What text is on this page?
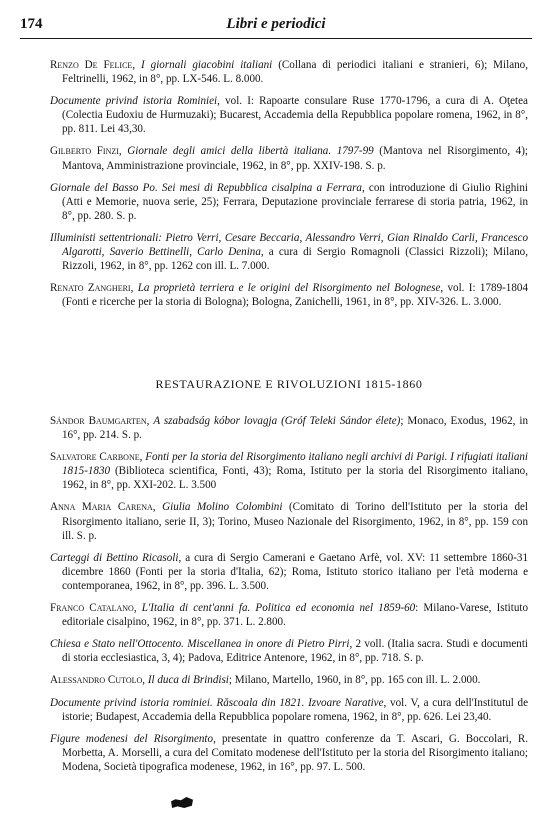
174	Libri e periodici

Renzo De Felice, I giornali giacobini italiani (Collana di periodici italiani e stranieri, 6); Milano, Feltrinelli, 1962, in 8°, pp. LX-546. L. 8.000.

Documente privind istoria Rominiei, vol. I: Rapoarte consulare Ruse 1770-1796, a cura di A. Oţetea (Colectia Eudoxiu de Hurmuzaki); Bucarest, Accademia della Repubblica popolare romena, 1962, in 8°, pp. 811. Lei 43,30.

Gilberto Finzi, Giornale degli amici della libertà italiana. 1797-99 (Mantova nel Risorgimento, 4); Mantova, Amministrazione provinciale, 1962, in 8°, pp. XXIV-198. S. p.

Giornale del Basso Po. Sei mesi di Repubblica cisalpina a Ferrara, con introduzione di Giulio Righini (Atti e Memorie, nuova serie, 25); Ferrara, Deputazione provinciale ferrarese di storia patria, 1962, in 8°, pp. 280. S. p.

Illuministi settentrionali: Pietro Verri, Cesare Beccaria, Alessandro Verri, Gian Rinaldo Carli, Francesco Algarotti, Saverio Bettinelli, Carlo Denina, a cura di Sergio Romagnoli (Classici Rizzoli); Milano, Rizzoli, 1962, in 8°, pp. 1262 con ill. L. 7.000.

Renato Zangheri, La proprietà terriera e le origini del Risorgimento nel Bolognese, vol. I: 1789-1804 (Fonti e ricerche per la storia di Bologna); Bologna, Zanichelli, 1961, in 8°, pp. XIV-326. L. 3.000.

RESTAURAZIONE E RIVOLUZIONI 1815-1860

Sándor Baumgarten, A szabadság kóbor lovagja (Gróf Teleki Sándor élete); Monaco, Exodus, 1962, in 16°, pp. 214. S. p.

Salvatore Carbone, Fonti per la storia del Risorgimento italiano negli archivi di Parigi. I rifugiati italiani 1815-1830 (Biblioteca scientifica, Fonti, 43); Roma, Istituto per la storia del Risorgimento italiano, 1962, in 8°, pp. XXI-202. L. 3.500

Anna Maria Carena, Giulia Molino Colombini (Comitato di Torino dell'Istituto per la storia del Risorgimento italiano, serie II, 3); Torino, Museo Nazionale del Risorgimento, 1962, in 8°, pp. 159 con ill. S. p.

Carteggi di Bettino Ricasoli, a cura di Sergio Camerani e Gaetano Arfè, vol. XV: 11 settembre 1860-31 dicembre 1860 (Fonti per la storia d'Italia, 62); Roma, Istituto storico italiano per l'età moderna e contemporanea, 1962, in 8°, pp. 396. L. 3.500.

Franco Catalano, L'Italia di cent'anni fa. Politica ed economia nel 1859-60: Milano-Varese, Istituto editoriale cisalpino, 1962, in 8°, pp. 371. L. 2.800.

Chiesa e Stato nell'Ottocento. Miscellanea in onore di Pietro Pirri, 2 voll. (Italia sacra. Studi e documenti di storia ecclesiastica, 3, 4); Padova, Editrice Antenore, 1962, in 8°, pp. 718. S. p.

Alessandro Cutolo, Il duca di Brindisi; Milano, Martello, 1960, in 8°, pp. 165 con ill. L. 2.000.

Documente privind istoria rominiei. Răscoala din 1821. Izvoare Narative, vol. V, a cura dell'Institutul de istorie; Budapest, Accademia della Repubblica popolare romena, 1962, in 8°, pp. 626. Lei 23,40.

Figure modenesi del Risorgimento, presentate in quattro conferenze da T. Ascari, G. Boccolari, R. Morbetta, A. Morselli, a cura del Comitato modenese dell'Istituto per la storia del Risorgimento italiano; Modena, Società tipografica modenese, 1962, in 16°, pp. 97. L. 500.
